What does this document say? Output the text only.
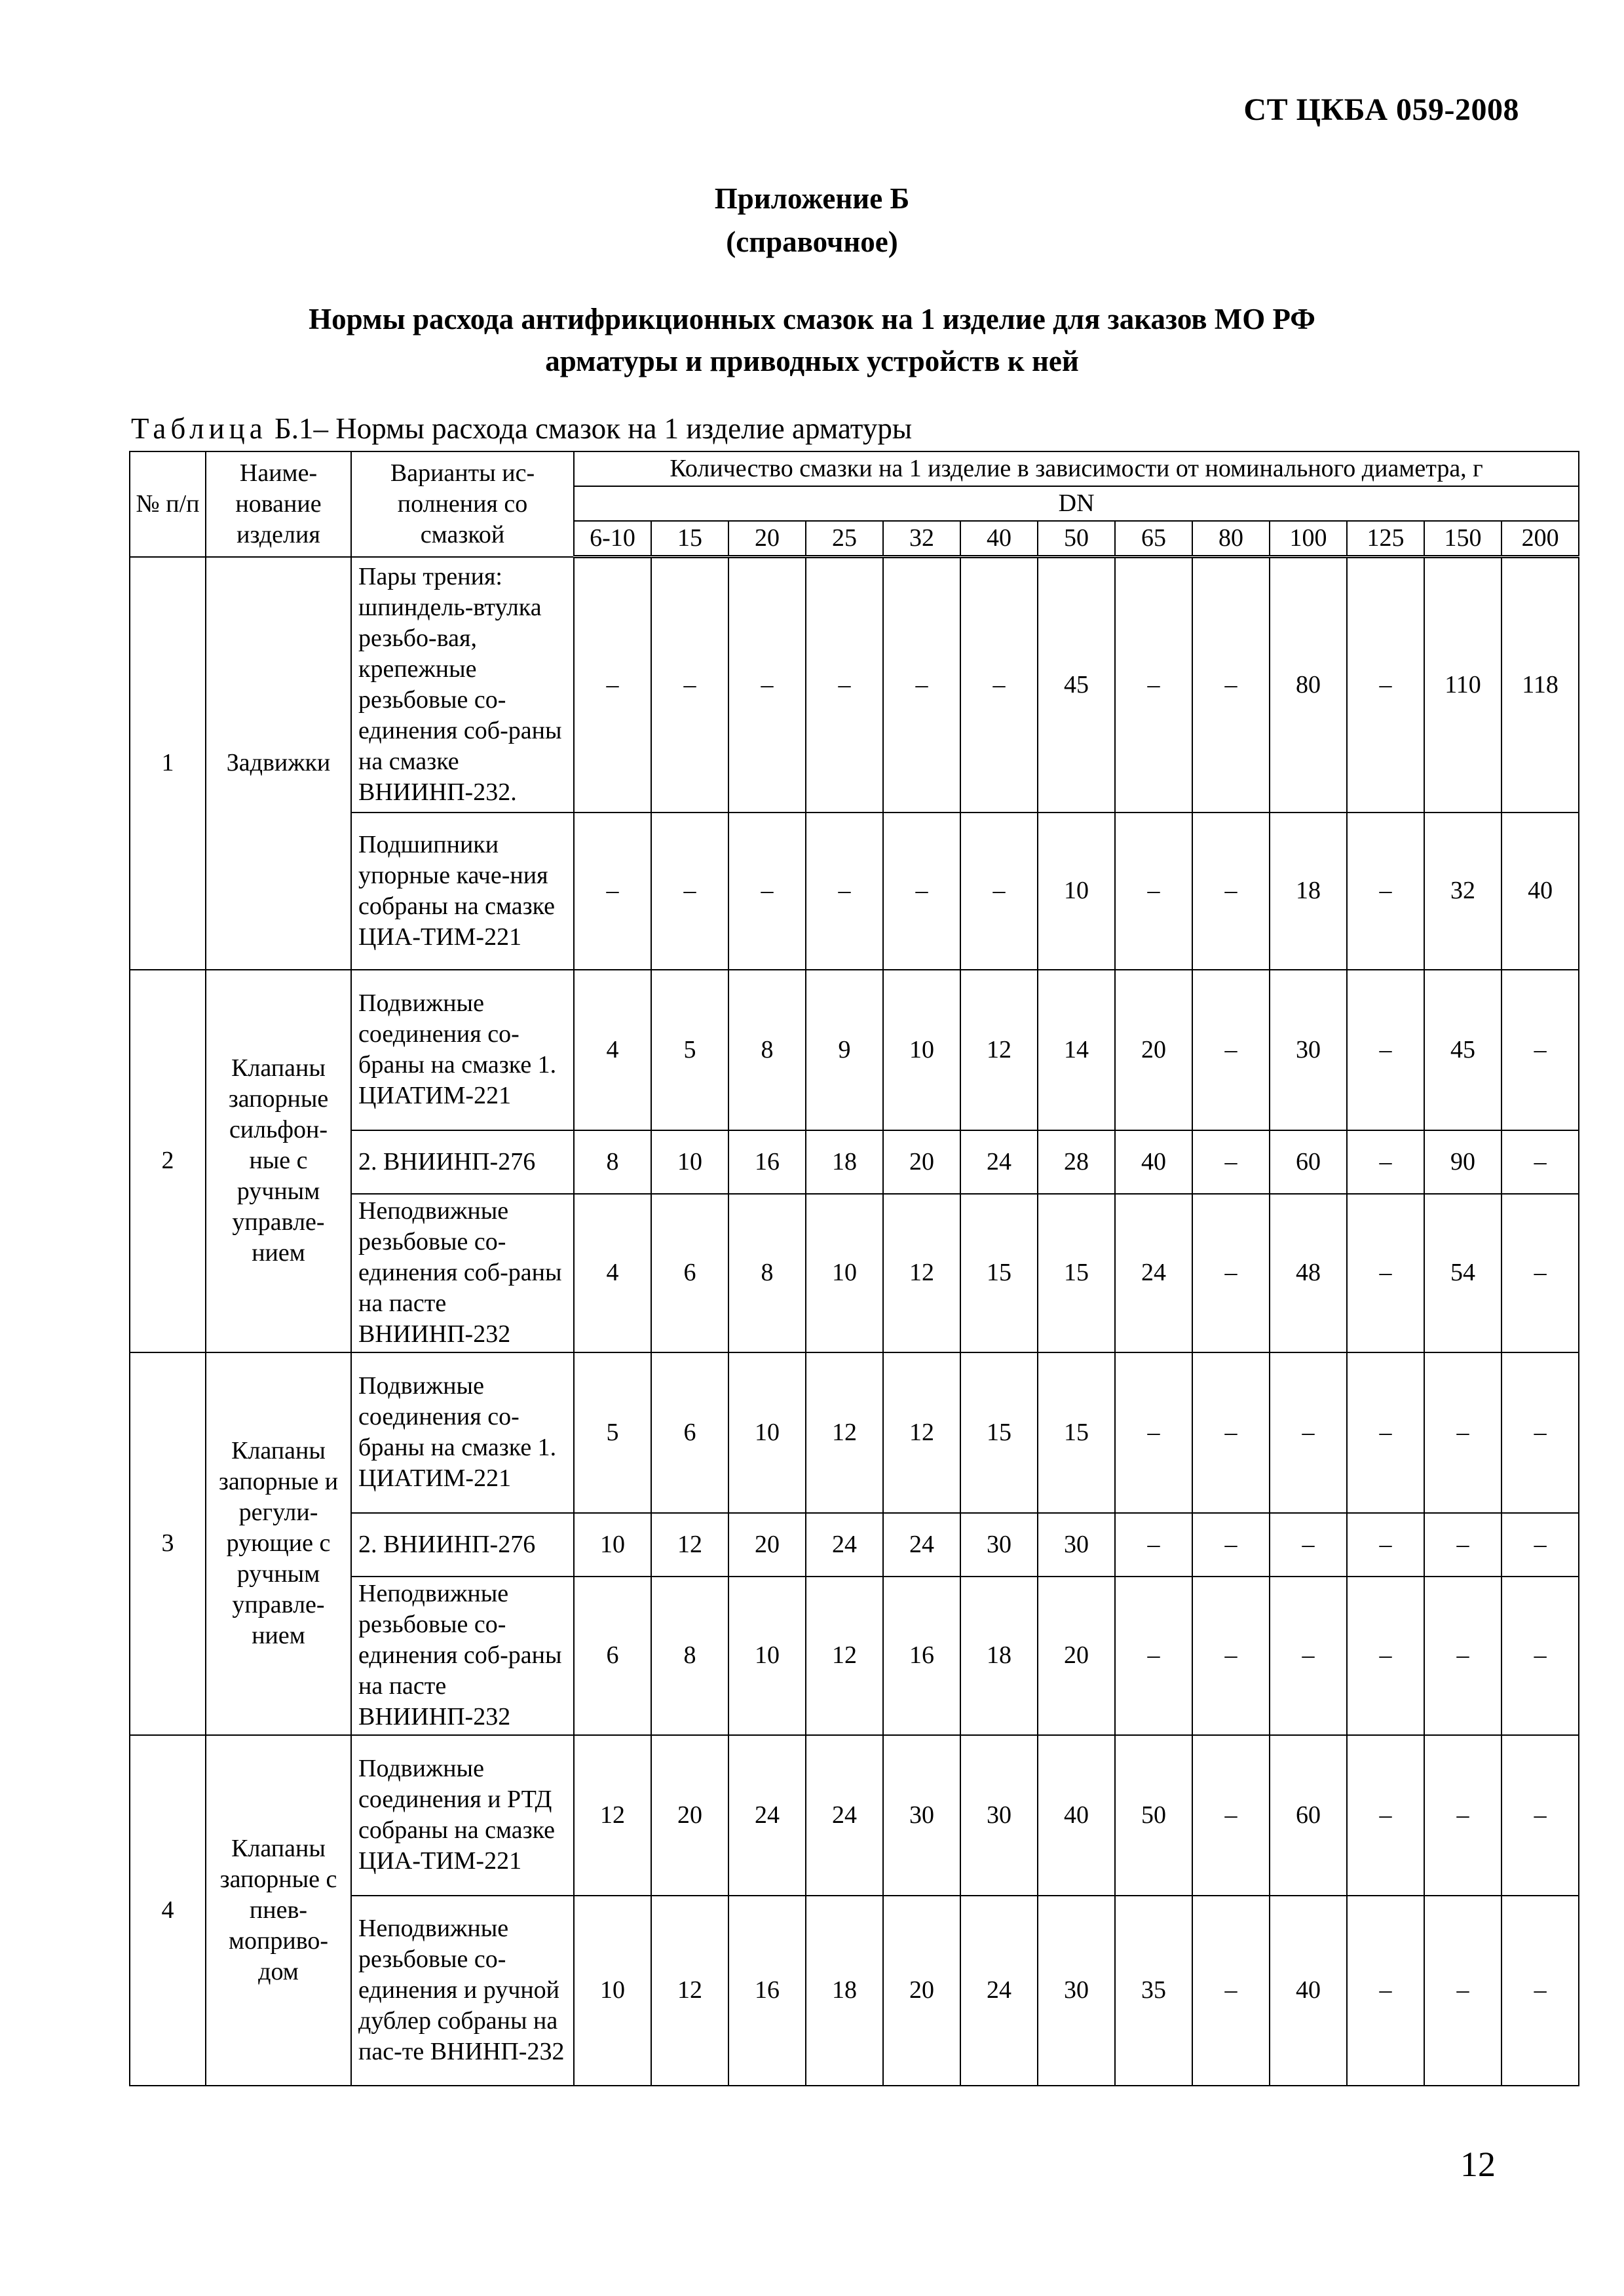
СТ ЦКБА 059-2008
Приложение Б
(справочное)
Нормы расхода антифрикционных смазок на 1 изделие для заказов МО РФ
арматуры и приводных устройств к ней
Таблица Б.1– Нормы расхода смазок на 1 изделие арматуры
№ п/п	Наиме-нование изделия	Варианты ис-полнения со смазкой	Количество смазки на 1 изделие в зависимости от номинального диаметра, г												
			DN												
			6-10	15	20	25	32	40	50	65	80	100	125	150	200
1	Задвижки	Пары трения: шпиндель-втулка резьбо-вая, крепежные резьбовые со-единения соб-раны на смазке ВНИИНП-232.	–	–	–	–	–	–	45	–	–	80	–	110	118
		Подшипники упорные каче-ния собраны на смазке ЦИА-ТИМ-221	–	–	–	–	–	–	10	–	–	18	–	32	40
2	Клапаны запорные сильфон-ные с ручным управле-нием	Подвижные соединения со-браны на смазке 1. ЦИАТИМ-221	4	5	8	9	10	12	14	20	–	30	–	45	–
		2. ВНИИНП-276	8	10	16	18	20	24	28	40	–	60	–	90	–
		Неподвижные резьбовые со-единения соб-раны на пасте ВНИИНП-232	4	6	8	10	12	15	15	24	–	48	–	54	–
3	Клапаны запорные и регули-рующие с ручным управле-нием	Подвижные соединения со-браны на смазке 1. ЦИАТИМ-221	5	6	10	12	12	15	15	–	–	–	–	–	–
		2. ВНИИНП-276	10	12	20	24	24	30	30	–	–	–	–	–	–
		Неподвижные резьбовые со-единения соб-раны на пасте ВНИИНП-232	6	8	10	12	16	18	20	–	–	–	–	–	–
4	Клапаны запорные с пнев-моприво-дом	Подвижные соединения и РТД собраны на смазке ЦИА-ТИМ-221	12	20	24	24	30	30	40	50	–	60	–	–	–
		Неподвижные резьбовые со-единения и ручной дублер собраны на пас-те ВНИНП-232	10	12	16	18	20	24	30	35	–	40	–	–	–
12
